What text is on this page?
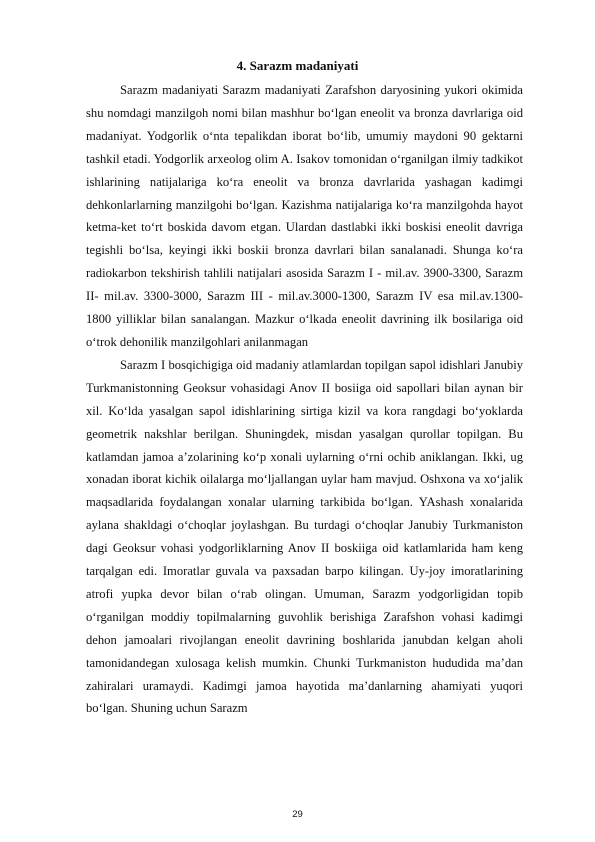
4. Sarazm madaniyati

Sarazm madaniyati Sarazm madaniyati Zarafshon daryosining yukori okimida shu nomdagi manzilgoh nomi bilan mashhur bo‘lgan eneolit va bronza davrlariga oid madaniyat. Yodgorlik o‘nta tepalikdan iborat bo‘lib, umumiy maydoni 90 gektarni tashkil etadi. Yodgorlik arxeolog olim A. Isakov tomonidan o‘rganilgan ilmiy tadkikot ishlarining natijalariga ko‘ra eneolit va bronza davrlarida yashagan kadimgi dehkonlarlarning manzilgohi bo‘lgan. Kazishma natijalariga ko‘ra manzilgohda hayot ketma-ket to‘rt boskida davom etgan. Ulardan dastlabki ikki boskisi eneolit davriga tegishli bo‘lsa, keyingi ikki boskii bronza davrlari bilan sanalanadi. Shunga ko‘ra radiokarbon tekshirish tahlili natijalari asosida Sarazm I - mil.av. 3900-3300, Sarazm II- mil.av. 3300-3000, Sarazm III - mil.av.3000-1300, Sarazm IV esa mil.av.1300-1800 yilliklar bilan sanalangan. Mazkur o‘lkada eneolit davrining ilk bosilariga oid o‘trok dehonilik manzilgohlari anilanmagan

Sarazm I bosqichigiga oid madaniy atlamlardan topilgan sapol idishlari Janubiy Turkmanistonning Geoksur vohasidagi Anov II bosiiga oid sapollari bilan aynan bir xil. Ko‘lda yasalgan sapol idishlarining sirtiga kizil va kora rangdagi bo‘yoklarda geometrik nakshlar berilgan. Shuningdek, misdan yasalgan qurollar topilgan. Bu katlamdan jamoa a’zolarining ko‘p xonali uylarning o‘rni ochib aniklangan. Ikki, ug xonadan iborat kichik oilalarga mo‘ljallangan uylar ham mavjud. Oshxona va xo‘jalik maqsadlarida foydalangan xonalar ularning tarkibida bo‘lgan. YAshash xonalarida aylana shakldagi o‘choqlar joylashgan. Bu turdagi o‘choqlar Janubiy Turkmaniston dagi Geoksur vohasi yodgorliklarning Anov II boskiiga oid katlamlarida ham keng tarqalgan edi. Imoratlar guvala va paxsadan barpo kilingan. Uy-joy imoratlarining atrofi yupka devor bilan o‘rab olingan. Umuman, Sarazm yodgorligidan topib o‘rganilgan moddiy topilmalarning guvohlik berishiga Zarafshon vohasi kadimgi dehon jamoalari rivojlangan eneolit davrining boshlarida janubdan kelgan aholi tamonidandegan xulosaga kelish mumkin. Chunki Turkmaniston hududida ma’dan zahiralari uramaydi. Kadimgi jamoa hayotida ma’danlarning ahamiyati yuqori bo‘lgan. Shuning uchun Sarazm

29
